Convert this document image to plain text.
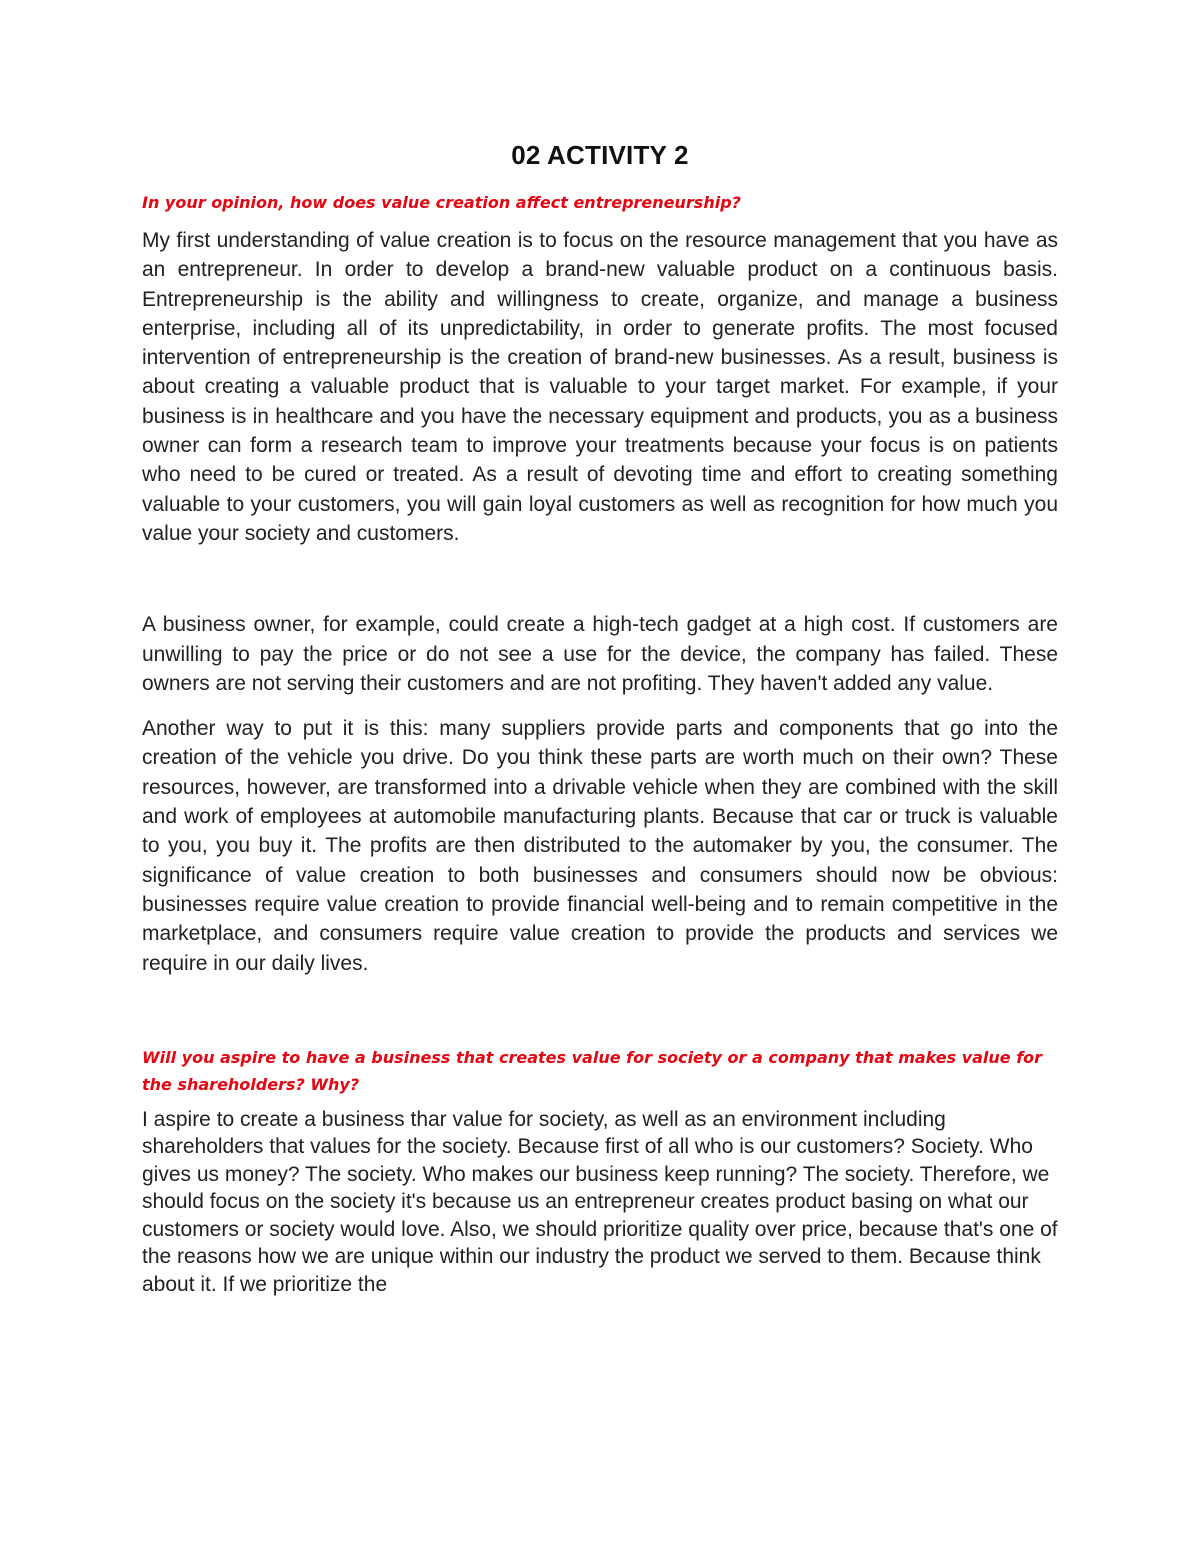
02 ACTIVITY 2

In your opinion, how does value creation affect entrepreneurship?

My first understanding of value creation is to focus on the resource management that you have as an entrepreneur. In order to develop a brand-new valuable product on a continuous basis. Entrepreneurship is the ability and willingness to create, organize, and manage a business enterprise, including all of its unpredictability, in order to generate profits. The most focused intervention of entrepreneurship is the creation of brand-new businesses. As a result, business is about creating a valuable product that is valuable to your target market. For example, if your business is in healthcare and you have the necessary equipment and products, you as a business owner can form a research team to improve your treatments because your focus is on patients who need to be cured or treated. As a result of devoting time and effort to creating something valuable to your customers, you will gain loyal customers as well as recognition for how much you value your society and customers.

A business owner, for example, could create a high-tech gadget at a high cost. If customers are unwilling to pay the price or do not see a use for the device, the company has failed. These owners are not serving their customers and are not profiting. They haven't added any value.

Another way to put it is this: many suppliers provide parts and components that go into the creation of the vehicle you drive. Do you think these parts are worth much on their own? These resources, however, are transformed into a drivable vehicle when they are combined with the skill and work of employees at automobile manufacturing plants. Because that car or truck is valuable to you, you buy it. The profits are then distributed to the automaker by you, the consumer. The significance of value creation to both businesses and consumers should now be obvious: businesses require value creation to provide financial well-being and to remain competitive in the marketplace, and consumers require value creation to provide the products and services we require in our daily lives.

Will you aspire to have a business that creates value for society or a company that makes value for the shareholders? Why?

I aspire to create a business thar value for society, as well as an environment including shareholders that values for the society. Because first of all who is our customers? Society. Who gives us money? The society. Who makes our business keep running? The society. Therefore, we should focus on the society it's because us an entrepreneur creates product basing on what our customers or society would love. Also, we should prioritize quality over price, because that's one of the reasons how we are unique within our industry the product we served to them. Because think about it. If we prioritize the
